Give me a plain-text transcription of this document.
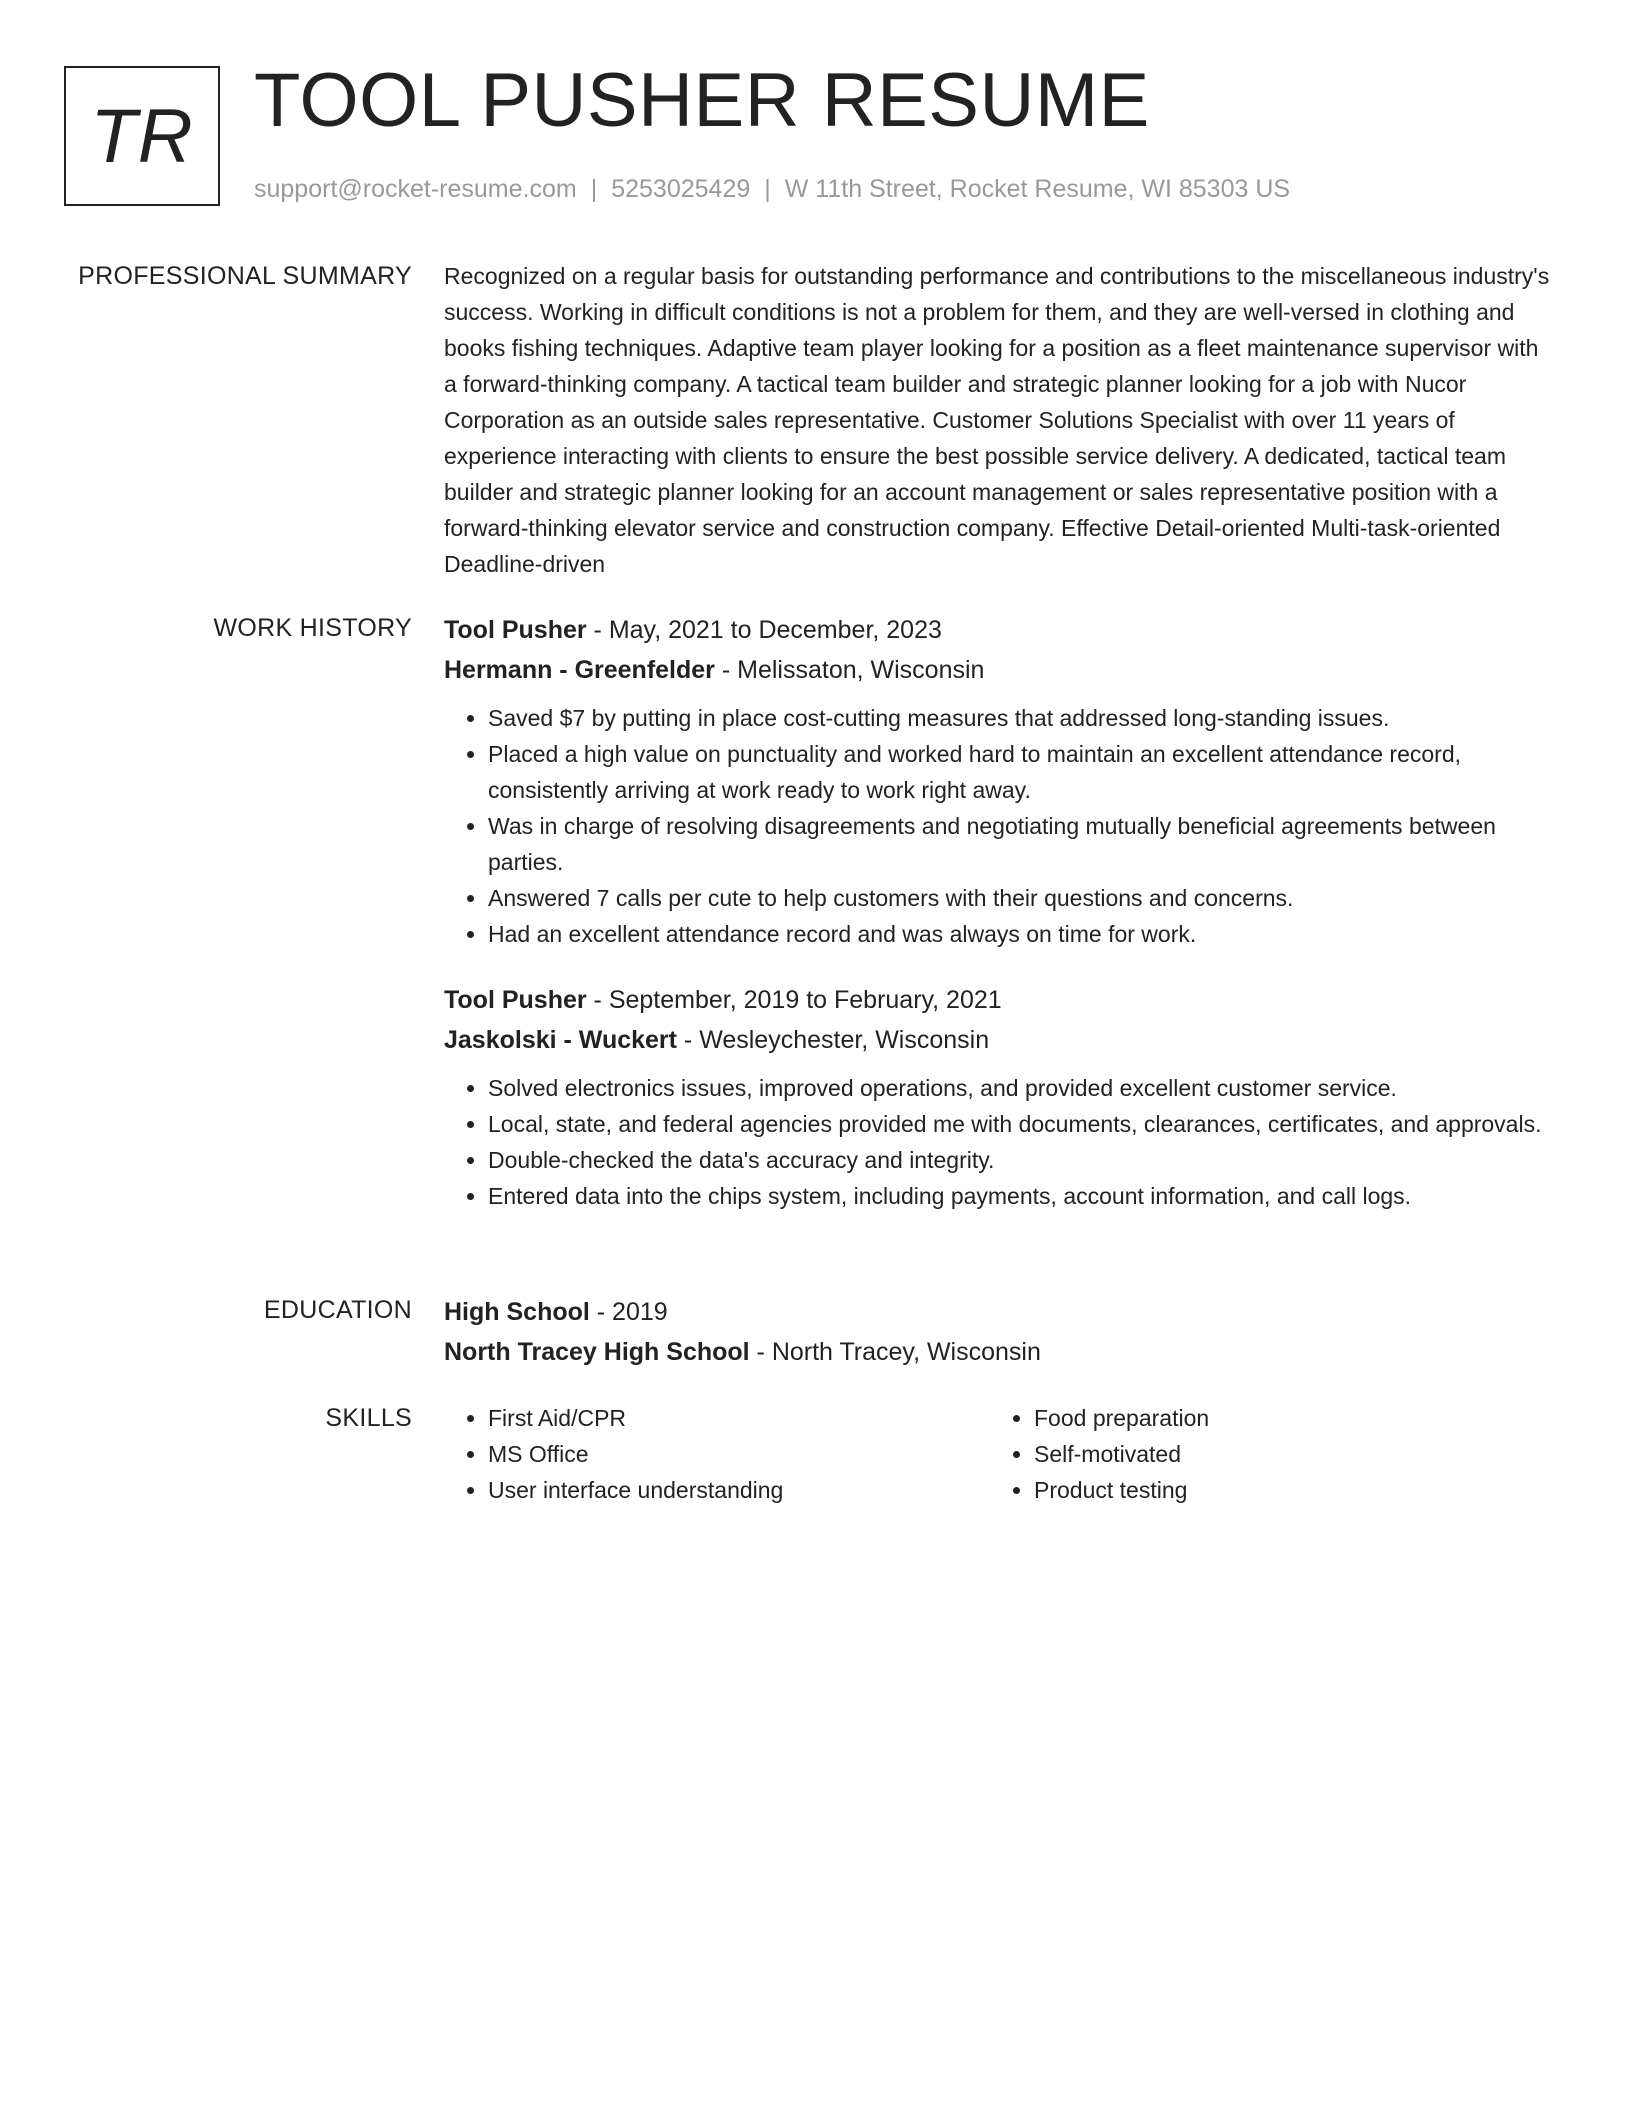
TR TOOL PUSHER RESUME
support@rocket-resume.com | 5253025429 | W 11th Street, Rocket Resume, WI 85303 US
PROFESSIONAL SUMMARY Recognized on a regular basis for outstanding performance and contributions to the miscellaneous industry's success. Working in difficult conditions is not a problem for them, and they are well-versed in clothing and books fishing techniques. Adaptive team player looking for a position as a fleet maintenance supervisor with a forward-thinking company. A tactical team builder and strategic planner looking for a job with Nucor Corporation as an outside sales representative. Customer Solutions Specialist with over 11 years of experience interacting with clients to ensure the best possible service delivery. A dedicated, tactical team builder and strategic planner looking for an account management or sales representative position with a forward-thinking elevator service and construction company. Effective Detail-oriented Multi-task-oriented Deadline-driven

WORK HISTORY Tool Pusher - May, 2021 to December, 2023
Hermann - Greenfelder - Melissaton, Wisconsin
• Saved $7 by putting in place cost-cutting measures that addressed long-standing issues.
• Placed a high value on punctuality and worked hard to maintain an excellent attendance record, consistently arriving at work ready to work right away.
• Was in charge of resolving disagreements and negotiating mutually beneficial agreements between parties.
• Answered 7 calls per cute to help customers with their questions and concerns.
• Had an excellent attendance record and was always on time for work.
Tool Pusher - September, 2019 to February, 2021
Jaskolski - Wuckert - Wesleychester, Wisconsin
• Solved electronics issues, improved operations, and provided excellent customer service.
• Local, state, and federal agencies provided me with documents, clearances, certificates, and approvals.
• Double-checked the data's accuracy and integrity.
• Entered data into the chips system, including payments, account information, and call logs.
EDUCATION High School - 2019
North Tracey High School - North Tracey, Wisconsin
SKILLS
•	First Aid/CPR
• MS Office
• User interface understanding
• Food preparation
• Self-motivated
• Product testing
